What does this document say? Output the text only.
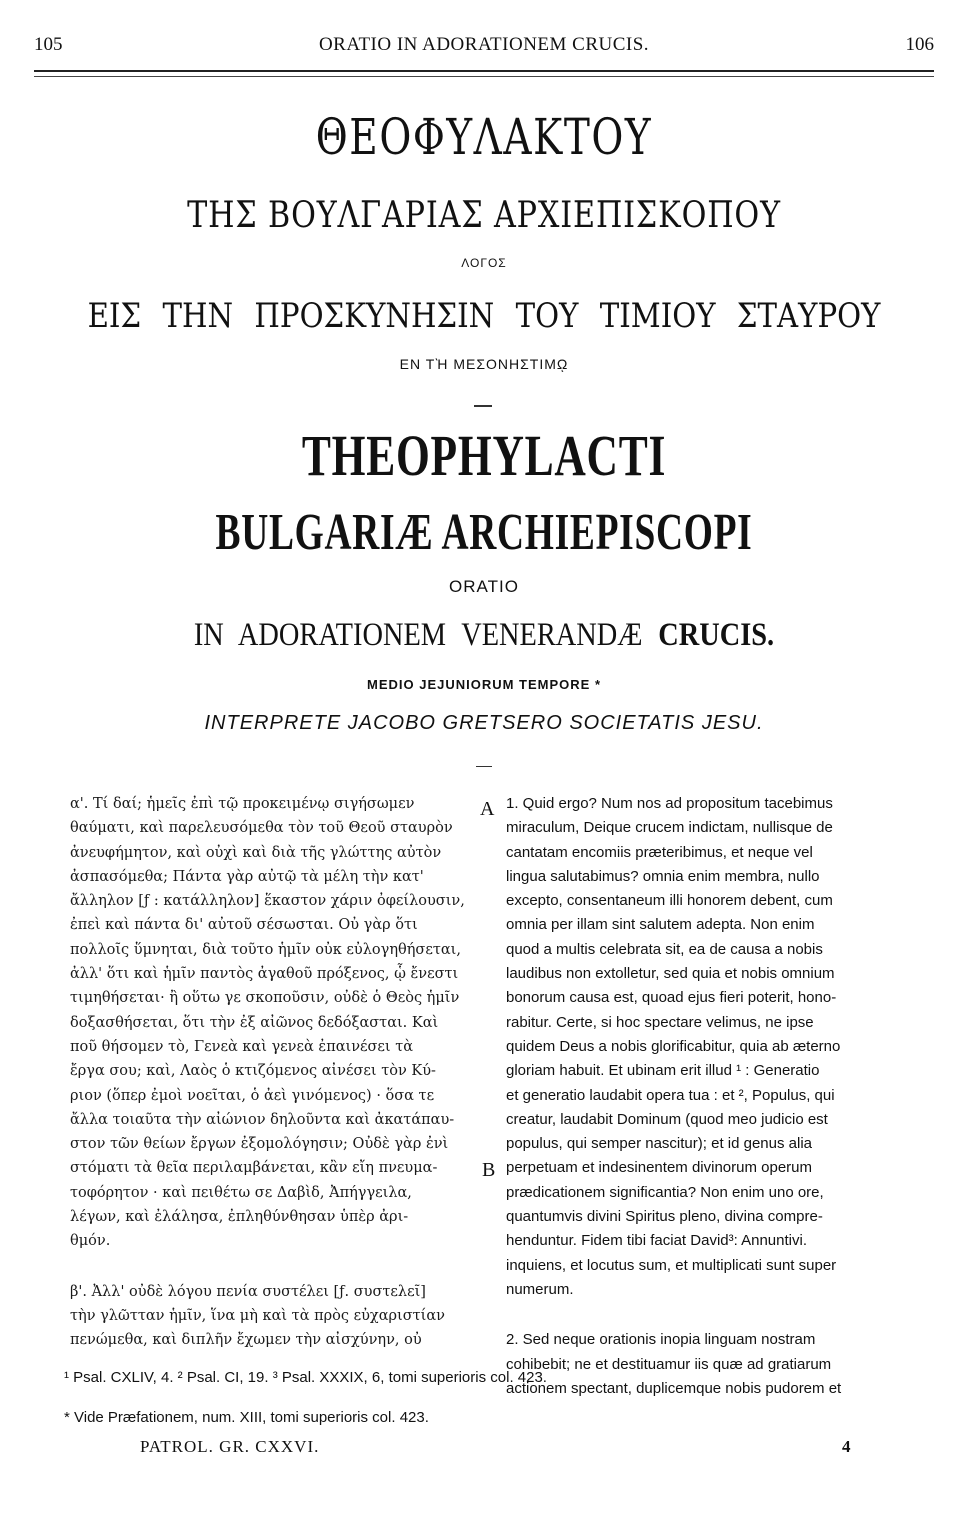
105	ORATIO IN ADORATIONEM CRUCIS.	106
ΘΕΟΦΥΛΑΚΤΟΥ
ΤΗΣ ΒΟΥΛΓΑΡΙΑΣ ΑΡΧΙΕΠΙΣΚΟΠΟΥ
ΛΟΓΟΣ
ΕΙΣ ΤΗΝ ΠΡΟΣΚΥΝΗΣΙΝ ΤΟΥ ΤΙΜΙΟΥ ΣΤΑΥΡΟΥ
ΕΝ ΤῊ ΜΕΣΟΝΗΣΤΙΜῼ
THEOPHYLACTI
BULGARIÆ ARCHIEPISCOPI
ORATIO
IN ADORATIONEM VENERANDÆ CRUCIS.
MEDIO JEJUNIORUM TEMPORE *
INTERPRETE JACOBO GRETSERO SOCIETATIS JESU.
A
B
α'. Τί δαί; ἡμεῖς ἐπὶ τῷ προκειμένῳ σιγήσωμεν
θαύματι, καὶ παρελευσόμεθα τὸν τοῦ Θεοῦ σταυρὸν
ἀνευφήμητον, καὶ οὐχὶ καὶ διὰ τῆς γλώττης αὐτὸν
ἀσπασόμεθα; Πάντα γὰρ αὐτῷ τὰ μέλη τὴν κατ'
ἄλληλον [ƒ : κατάλληλον] ἕκαστον χάριν ὀφείλουσιν,
ἐπεὶ καὶ πάντα δι' αὐτοῦ σέσωσται. Οὐ γὰρ ὅτι
πολλοῖς ὕμνηται, διὰ τοῦτο ἡμῖν οὐκ εὐλογηθήσεται,
ἀλλ' ὅτι καὶ ἡμῖν παντὸς ἀγαθοῦ πρόξενος, ᾧ ἔνεστι
τιμηθήσεται· ἢ οὕτω γε σκοποῦσιν, οὐδὲ ὁ Θεὸς ἡμῖν
δοξασθήσεται, ὅτι τὴν ἐξ αἰῶνος δεδόξασται. Καὶ
ποῦ θήσομεν τὸ, Γενεὰ καὶ γενεὰ ἐπαινέσει τὰ
ἔργα σου; καὶ, Λαὸς ὁ κτιζόμενος αἰνέσει τὸν Κύ-
ριον (ὅπερ ἐμοὶ νοεῖται, ὁ ἀεὶ γινόμενος) · ὅσα τε
ἄλλα τοιαῦτα τὴν αἰώνιον δηλοῦντα καὶ ἀκατάπαυ-
στον τῶν θείων ἔργων ἐξομολόγησιν; Οὐδὲ γὰρ ἐνὶ
στόματι τὰ θεῖα περιλαμβάνεται, κἂν εἴη πνευμα-
τοφόρητον · καὶ πειθέτω σε Δαβὶδ, Ἀπήγγειλα,
λέγων, καὶ ἐλάλησα, ἐπληθύνθησαν ὑπὲρ ἀρι-
θμόν.
β'. Ἀλλ' οὐδὲ λόγου πενία συστέλει [ƒ. συστελεῖ]
τὴν γλῶτταν ἡμῖν, ἵνα μὴ καὶ τὰ πρὸς εὐχαριστίαν
πενώμεθα, καὶ διπλῆν ἔχωμεν τὴν αἰσχύνην, οὐ
1. Quid ergo? Num nos ad propositum tacebimus
miraculum, Deique crucem indictam, nullisque de
cantatam encomiis præteribimus, et neque vel
lingua salutabimus? omnia enim membra, nullo
excepto, consentaneum illi honorem debent, cum
omnia per illam sint salutem adepta. Non enim
quod a multis celebrata sit, ea de causa a nobis
laudibus non extolletur, sed quia et nobis omnium
bonorum causa est, quoad ejus fieri poterit, hono-
rabitur. Certe, si hoc spectare velimus, ne ipse
quidem Deus a nobis glorificabitur, quia ab æterno
gloriam habuit. Et ubinam erit illud ¹ : Generatio
et generatio laudabit opera tua : et ², Populus, qui
creatur, laudabit Dominum (quod meo judicio est
populus, qui semper nascitur); et id genus alia
perpetuam et indesinentem divinorum operum
prædicationem significantia? Non enim uno ore,
quantumvis divini Spiritus pleno, divina compre-
henduntur. Fidem tibi faciat David³: Annuntivi.
inquiens, et locutus sum, et multiplicati sunt super
numerum.
2. Sed neque orationis inopia linguam nostram
cohibebit; ne et destituamur iis quæ ad gratiarum
actionem spectant, duplicemque nobis pudorem et
¹ Psal. CXLIV, 4. ² Psal. CI, 19. ³ Psal. XXXIX, 6, tomi superioris col. 423.
* Vide Præfationem, num. XIII, tomi superioris col. 423.
PATROL. GR. CXXVI.	4
